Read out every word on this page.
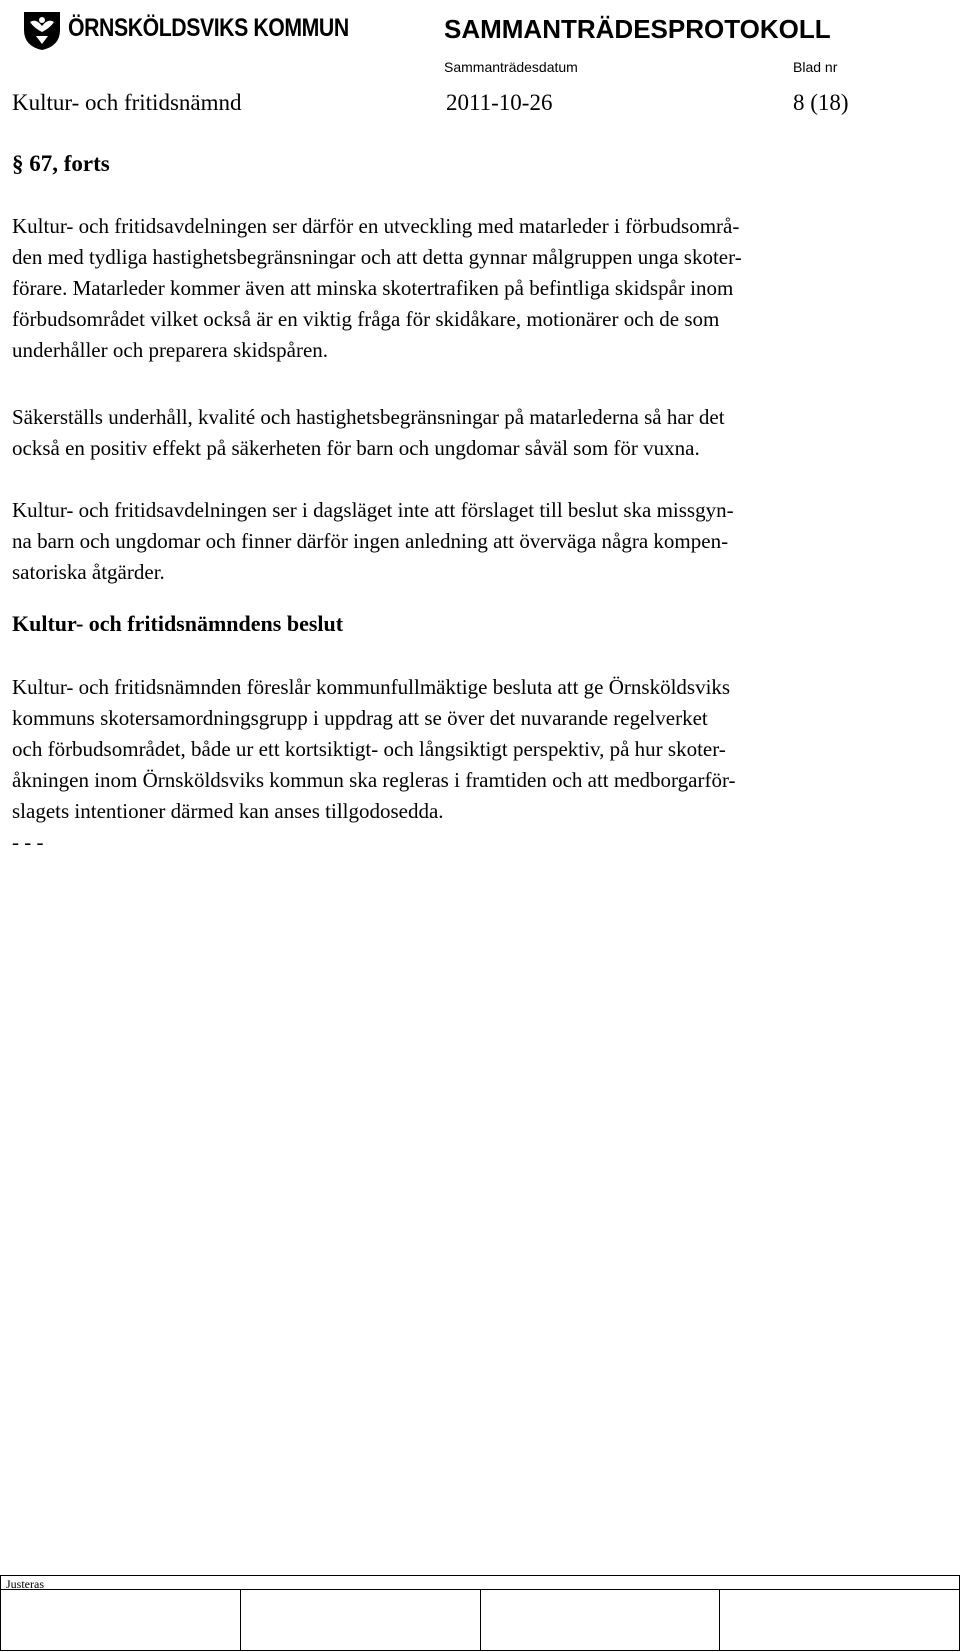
ÖRNSKÖLDSVIKS KOMMUN	SAMMANTRÄDESPROTOKOLL
Sammanträdesdatum	Blad nr
Kultur- och fritidsnämnd	2011-10-26	8 (18)
§ 67, forts
Kultur- och fritidsavdelningen ser därför en utveckling med matarleder i förbudsområ-
den med tydliga hastighetsbegränsningar och att detta gynnar målgruppen unga skoter-
förare. Matarleder kommer även att minska skotertrafiken på befintliga skidspår inom
förbudsområdet vilket också är en viktig fråga för skidåkare, motionärer och de som
underhåller och preparera skidspåren.
Säkerställs underhåll, kvalité och hastighetsbegränsningar på matarlederna så har det
också en positiv effekt på säkerheten för barn och ungdomar såväl som för vuxna.
Kultur- och fritidsavdelningen ser i dagsläget inte att förslaget till beslut ska missgyn-
na barn och ungdomar och finner därför ingen anledning att överväga några kompen-
satoriska åtgärder.
Kultur- och fritidsnämndens beslut
Kultur- och fritidsnämnden föreslår kommunfullmäktige besluta att ge Örnsköldsviks
kommuns skotersamordningsgrupp i uppdrag att se över det nuvarande regelverket
och förbudsområdet, både ur ett kortsiktigt- och långsiktigt perspektiv, på hur skoter-
åkningen inom Örnsköldsviks kommun ska regleras i framtiden och att medborgarför-
slagets intentioner därmed kan anses tillgodosedda.
- - -

Justeras
